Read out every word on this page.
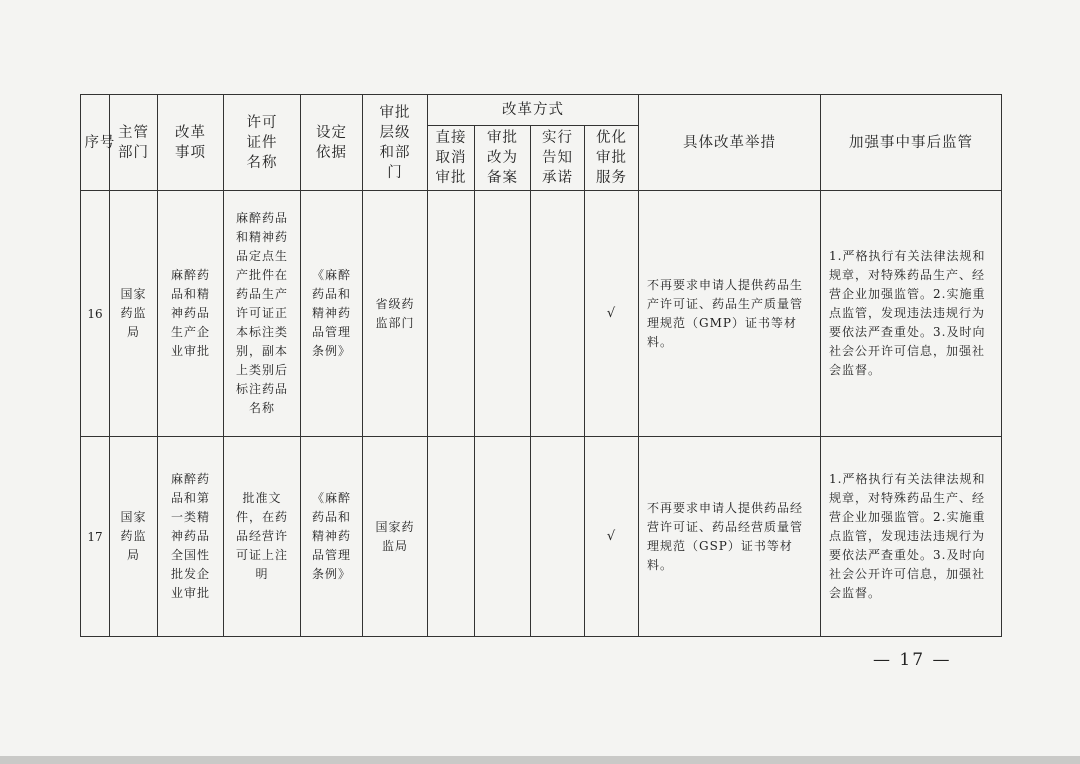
序号	主管部门	改革事项	许可证件名称	设定依据	审批层级和部门	改革方式				具体改革举措	加强事中事后监管

						直接取消审批	审批改为备案	实行告知承诺	优化审批服务		

16	国家药监局	麻醉药品和精神药品生产企业审批	麻醉药品和精神药品定点生产批件在药品生产许可证正本标注类别，副本上类别后标注药品名称	《麻醉药品和精神药品管理条例》	省级药监部门				√	不再要求申请人提供药品生产许可证、药品生产质量管理规范（GMP）证书等材料。	1.严格执行有关法律法规和规章，对特殊药品生产、经营企业加强监管。2.实施重点监管，发现违法违规行为要依法严查重处。3.及时向社会公开许可信息，加强社会监督。
17	国家药监局	麻醉药品和第一类精神药品全国性批发企业审批	批准文件，在药品经营许可证上注明	《麻醉药品和精神药品管理条例》	国家药监局				√	不再要求申请人提供药品经营许可证、药品经营质量管理规范（GSP）证书等材料。	1.严格执行有关法律法规和规章，对特殊药品生产、经营企业加强监管。2.实施重点监管，发现违法违规行为要依法严查重处。3.及时向社会公开许可信息，加强社会监督。
— 17 —
